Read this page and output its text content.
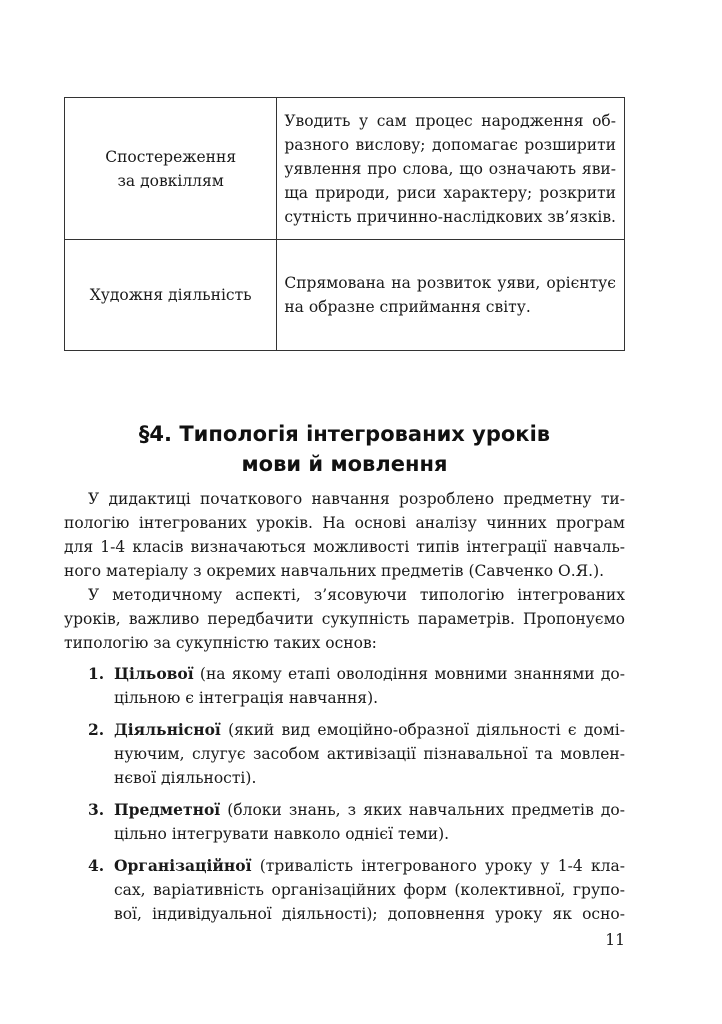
Спостереження
за довкіллям	Уводить у сам процес народження об-
разного вислову; допомагає розширити
уявлення про слова, що означають яви-
ща природи, риси характеру; розкрити
сутність причинно-наслідкових зв’язків.

Художня діяльність	Спрямована на розвиток уяви, орієнтує
на образне сприймання світу.
§4. Типологія інтегрованих уроків
мови й мовлення

У дидактиці початкового навчання розроблено предметну ти-
пологію інтегрованих уроків. На основі аналізу чинних програм
для 1-4 класів визначаються можливості типів інтеграції навчаль-
ного матеріалу з окремих навчальних предметів (Савченко О.Я.).

У методичному аспекті, з’ясовуючи типологію інтегрованих
уроків, важливо передбачити сукупність параметрів. Пропонуємо
типологію за сукупністю таких основ:

1. Цільової (на якому етапі оволодіння мовними знаннями до-
цільною є інтеграція навчання).
2. Діяльнісної (який вид емоційно-образної діяльності є домі-
нуючим, слугує засобом активізації пізнавальної та мовлен-
нєвої діяльності).
3. Предметної (блоки знань, з яких навчальних предметів до-
цільно інтегрувати навколо однієї теми).
4. Організаційної (тривалість інтегрованого уроку у 1-4 кла-
сах, варіативність організаційних форм (колективної, групо-
вої, індивідуальної діяльності); доповнення уроку як осно-
11
